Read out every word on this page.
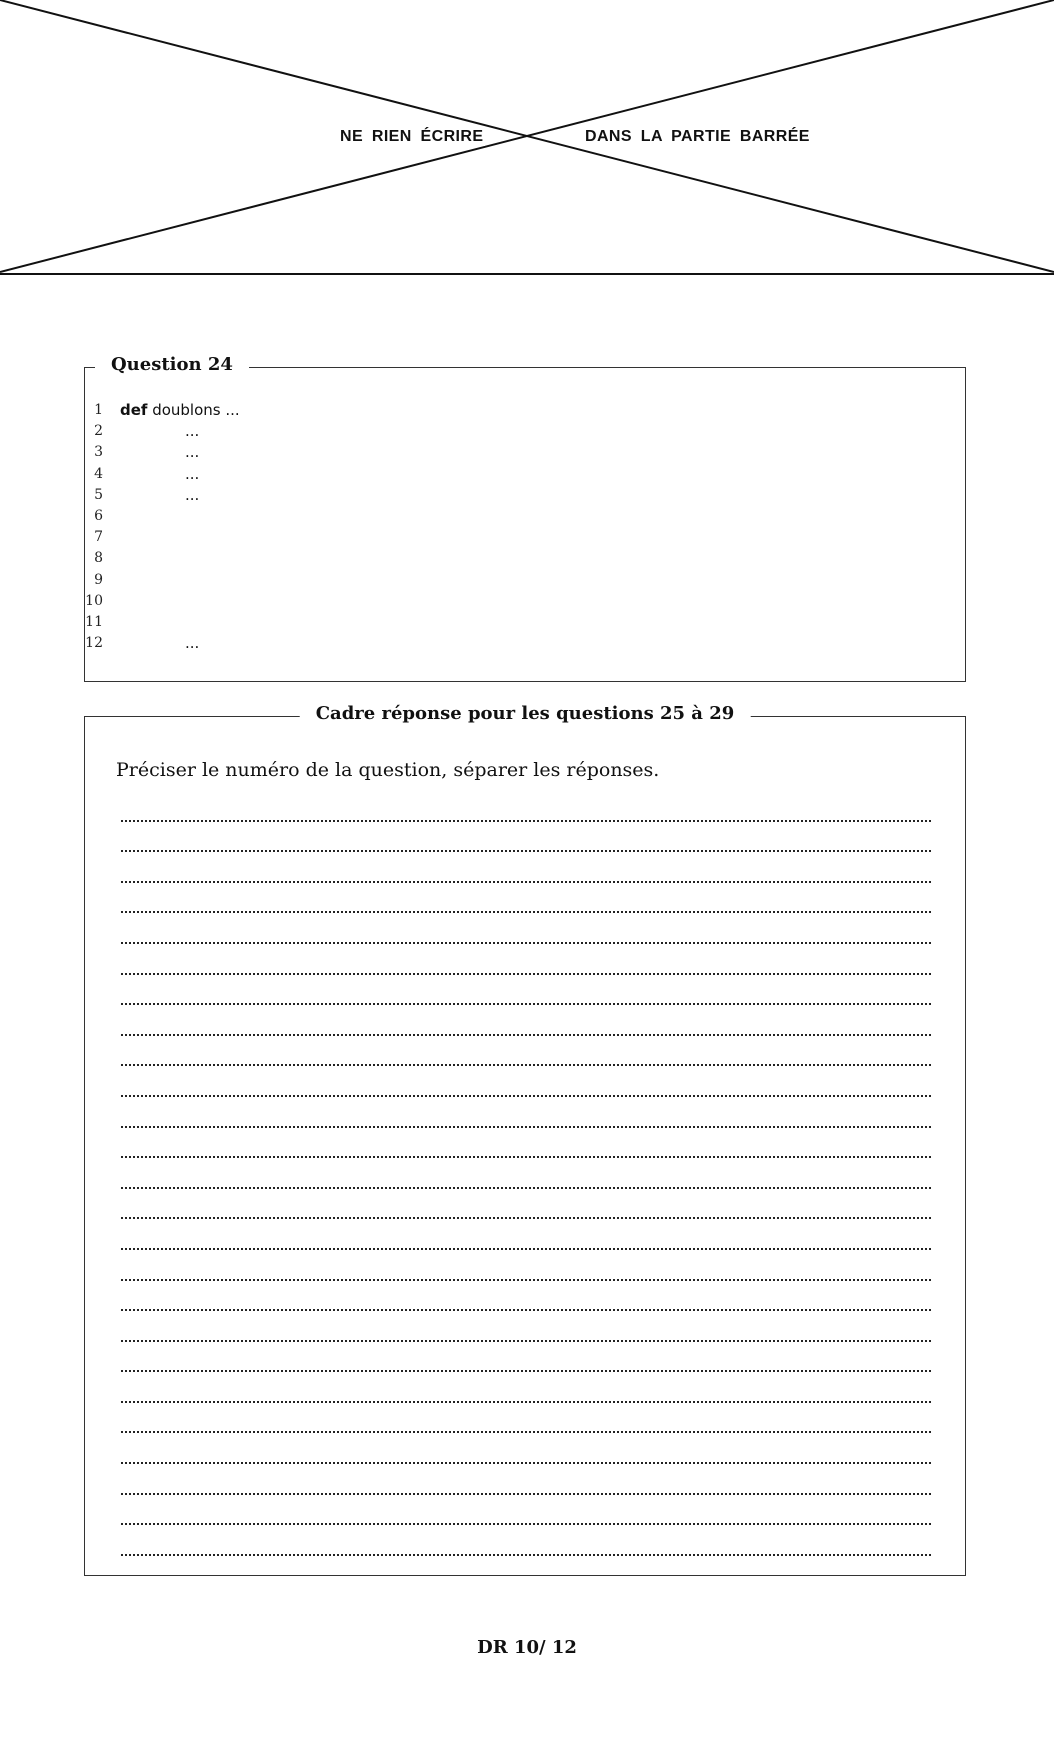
NE RIEN ÉCRIRE	DANS LA PARTIE BARRÉE
Question 24
1 def doublons ...
2	...
3	...
4	...
5	...
6
7
8
9
10
11
12	...
Cadre réponse pour les questions 25 à 29
Préciser le numéro de la question, séparer les réponses.
DR 10/ 12
